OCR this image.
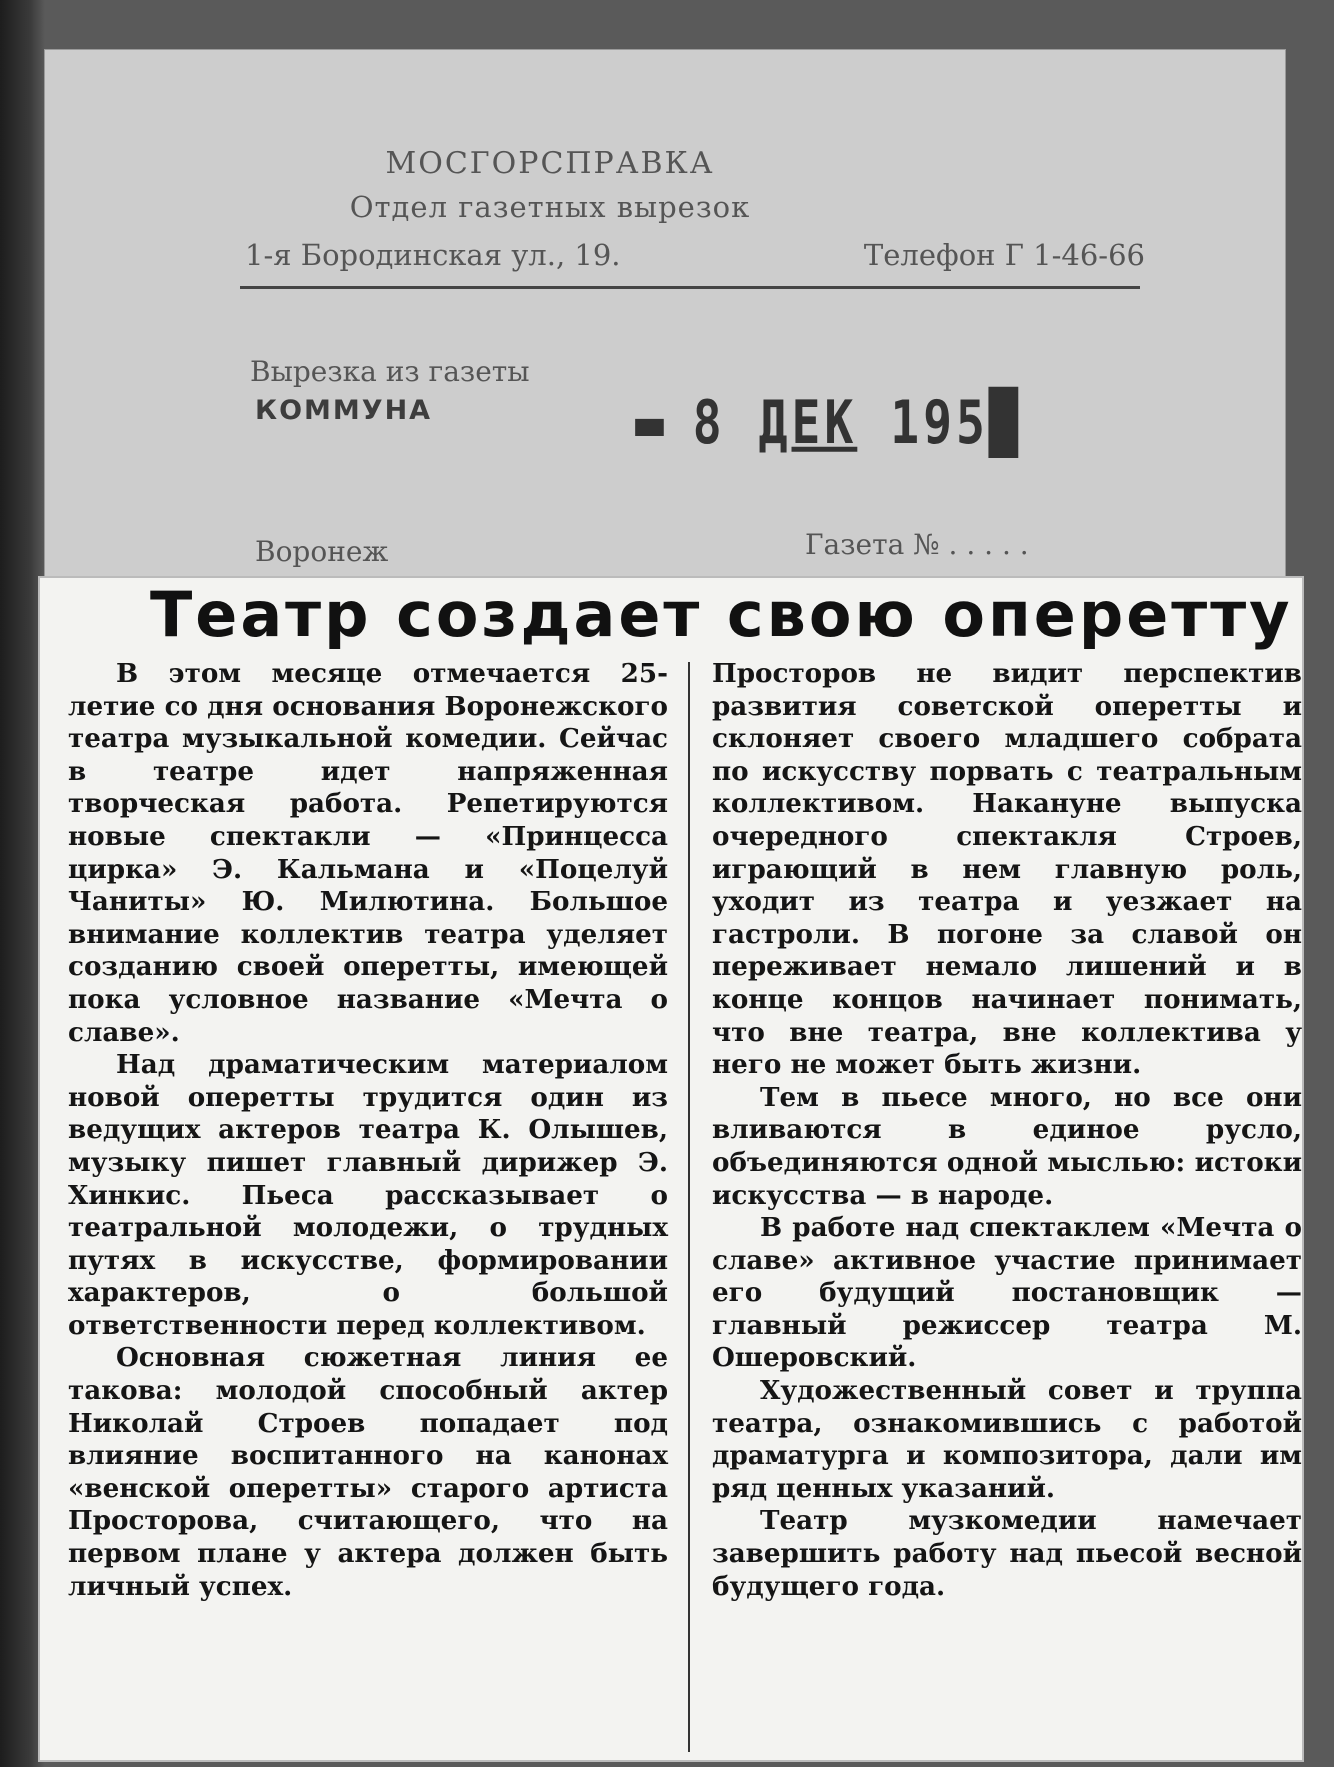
МОСГОРСПРАВКА
Отдел газетных вырезок
1-я Бородинская ул., 19.	Телефон Г 1-46-66
Вырезка из газеты
КОММУНА	▬ 8 ДЕК 195█
Воронеж	Газета № . . . . .
Театр создает свою оперетту

В этом месяце отмечается 25-летие со дня основания Воронежского театра музыкальной комедии. Сейчас в театре идет напряженная творческая работа. Репетируются новые спектакли — «Принцесса цирка» Э. Кальмана и «Поцелуй Чаниты» Ю. Милютина. Большое внимание коллектив театра уделяет созданию своей оперетты, имеющей пока условное название «Мечта о славе».

Над драматическим материалом новой оперетты трудится один из ведущих актеров театра К. Олышев, музыку пишет главный дирижер Э. Хинкис. Пьеса рассказывает о театральной молодежи, о трудных путях в искусстве, формировании характеров, о большой ответственности перед коллективом.

Основная сюжетная линия ее такова: молодой способный актер Николай Строев попадает под влияние воспитанного на канонах «венской оперетты» старого артиста Просторова, считающего, что на первом плане у актера должен быть личный успех.

Просторов не видит перспектив развития советской оперетты и склоняет своего младшего собрата по искусству порвать с театральным коллективом. Накануне выпуска очередного спектакля Строев, играющий в нем главную роль, уходит из театра и уезжает на гастроли. В погоне за славой он переживает немало лишений и в конце концов начинает понимать, что вне театра, вне коллектива у него не может быть жизни.

Тем в пьесе много, но все они вливаются в единое русло, объединяются одной мыслью: истоки искусства — в народе.

В работе над спектаклем «Мечта о славе» активное участие принимает его будущий постановщик — главный режиссер театра М. Ошеровский.

Художественный совет и труппа театра, ознакомившись с работой драматурга и композитора, дали им ряд ценных указаний.

Театр музкомедии намечает завершить работу над пьесой весной будущего года.
